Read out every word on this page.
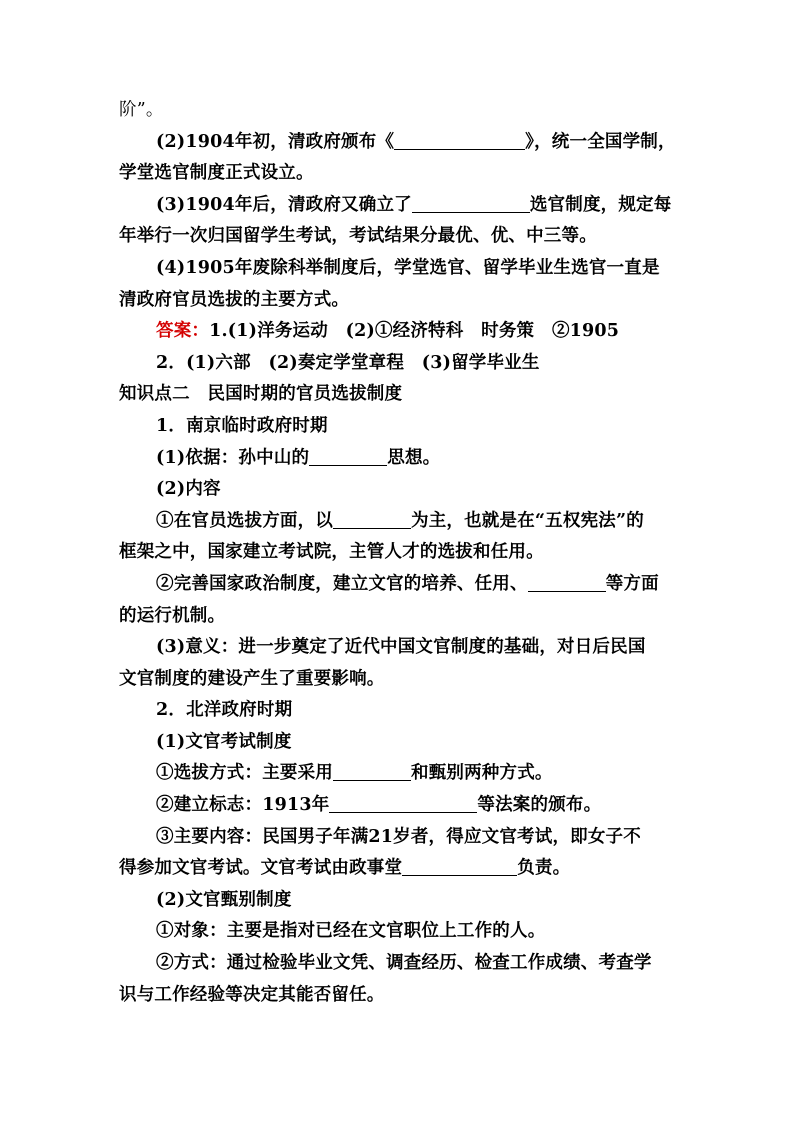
阶”。
(2)1904年初，清政府颁布《	》，统一全国学制，
学堂选官制度正式设立。
(3)1904年后，清政府又确立了	选官制度，规定每
年举行一次归国留学生考试，考试结果分最优、优、中三等。
(4)1905年废除科举制度后，学堂选官、留学毕业生选官一直是
清政府官员选拔的主要方式。
答案：1.(1)洋务运动　(2)①经济特科　时务策　②1905
2．(1)六部　(2)奏定学堂章程　(3)留学毕业生
知识点二　民国时期的官员选拔制度
1．南京临时政府时期
(1)依据：孙中山的	思想。
(2)内容
①在官员选拔方面，以	为主，也就是在“五权宪法”的
框架之中，国家建立考试院，主管人才的选拔和任用。
②完善国家政治制度，建立文官的培养、任用、	等方面
的运行机制。
(3)意义：进一步奠定了近代中国文官制度的基础，对日后民国
文官制度的建设产生了重要影响。
2．北洋政府时期
(1)文官考试制度
①选拔方式：主要采用	和甄别两种方式。
②建立标志：1913年	等法案的颁布。
③主要内容：民国男子年满21岁者，得应文官考试，即女子不
得参加文官考试。文官考试由政事堂	负责。
(2)文官甄别制度
①对象：主要是指对已经在文官职位上工作的人。
②方式：通过检验毕业文凭、调查经历、检查工作成绩、考查学
识与工作经验等决定其能否留任。
